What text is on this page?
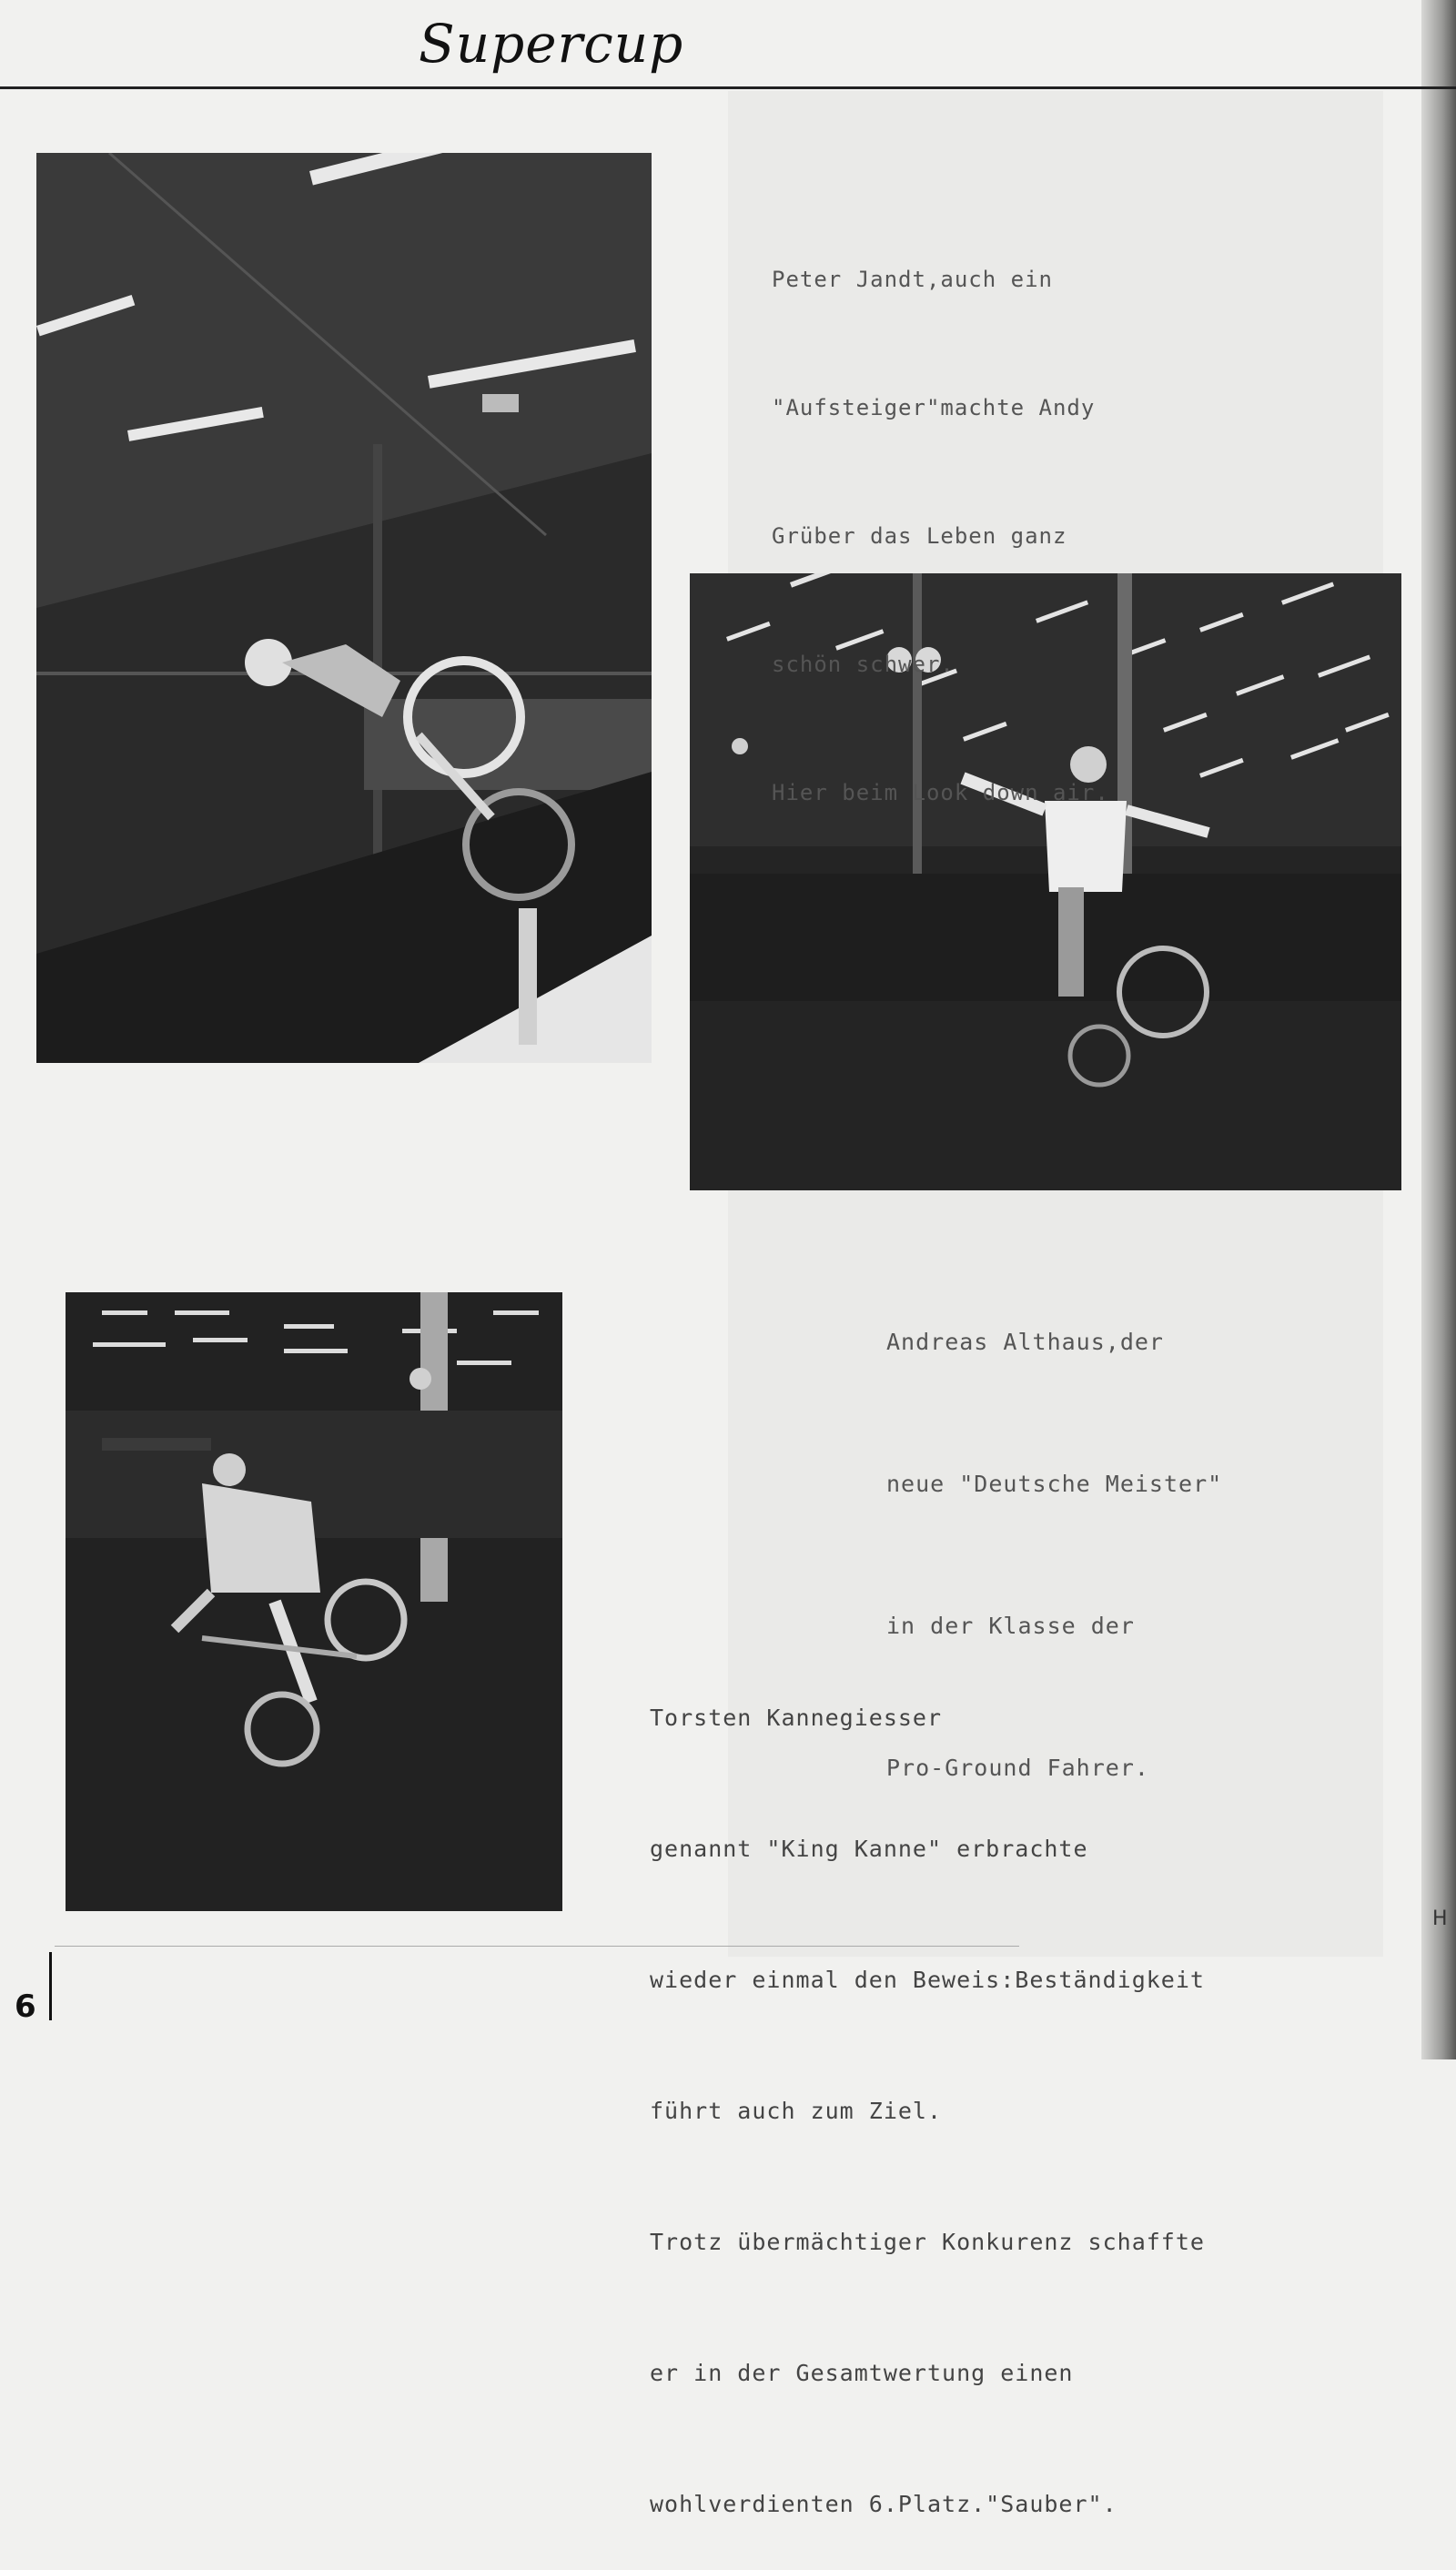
Supercup

Peter Jandt,auch ein

"Aufsteiger"machte Andy

Grüber das Leben ganz

schön schwer.

Hier beim Look down air.

Andreas Althaus,der

neue "Deutsche Meister"

in der Klasse der

Pro-Ground Fahrer.

Torsten Kannegiesser

genannt "King Kanne" erbrachte

wieder einmal den Beweis:Beständigkeit

führt auch zum Ziel.

Trotz übermächtiger Konkurenz schaffte

er in der Gesamtwertung einen

wohlverdienten 6.Platz."Sauber".

6
H
